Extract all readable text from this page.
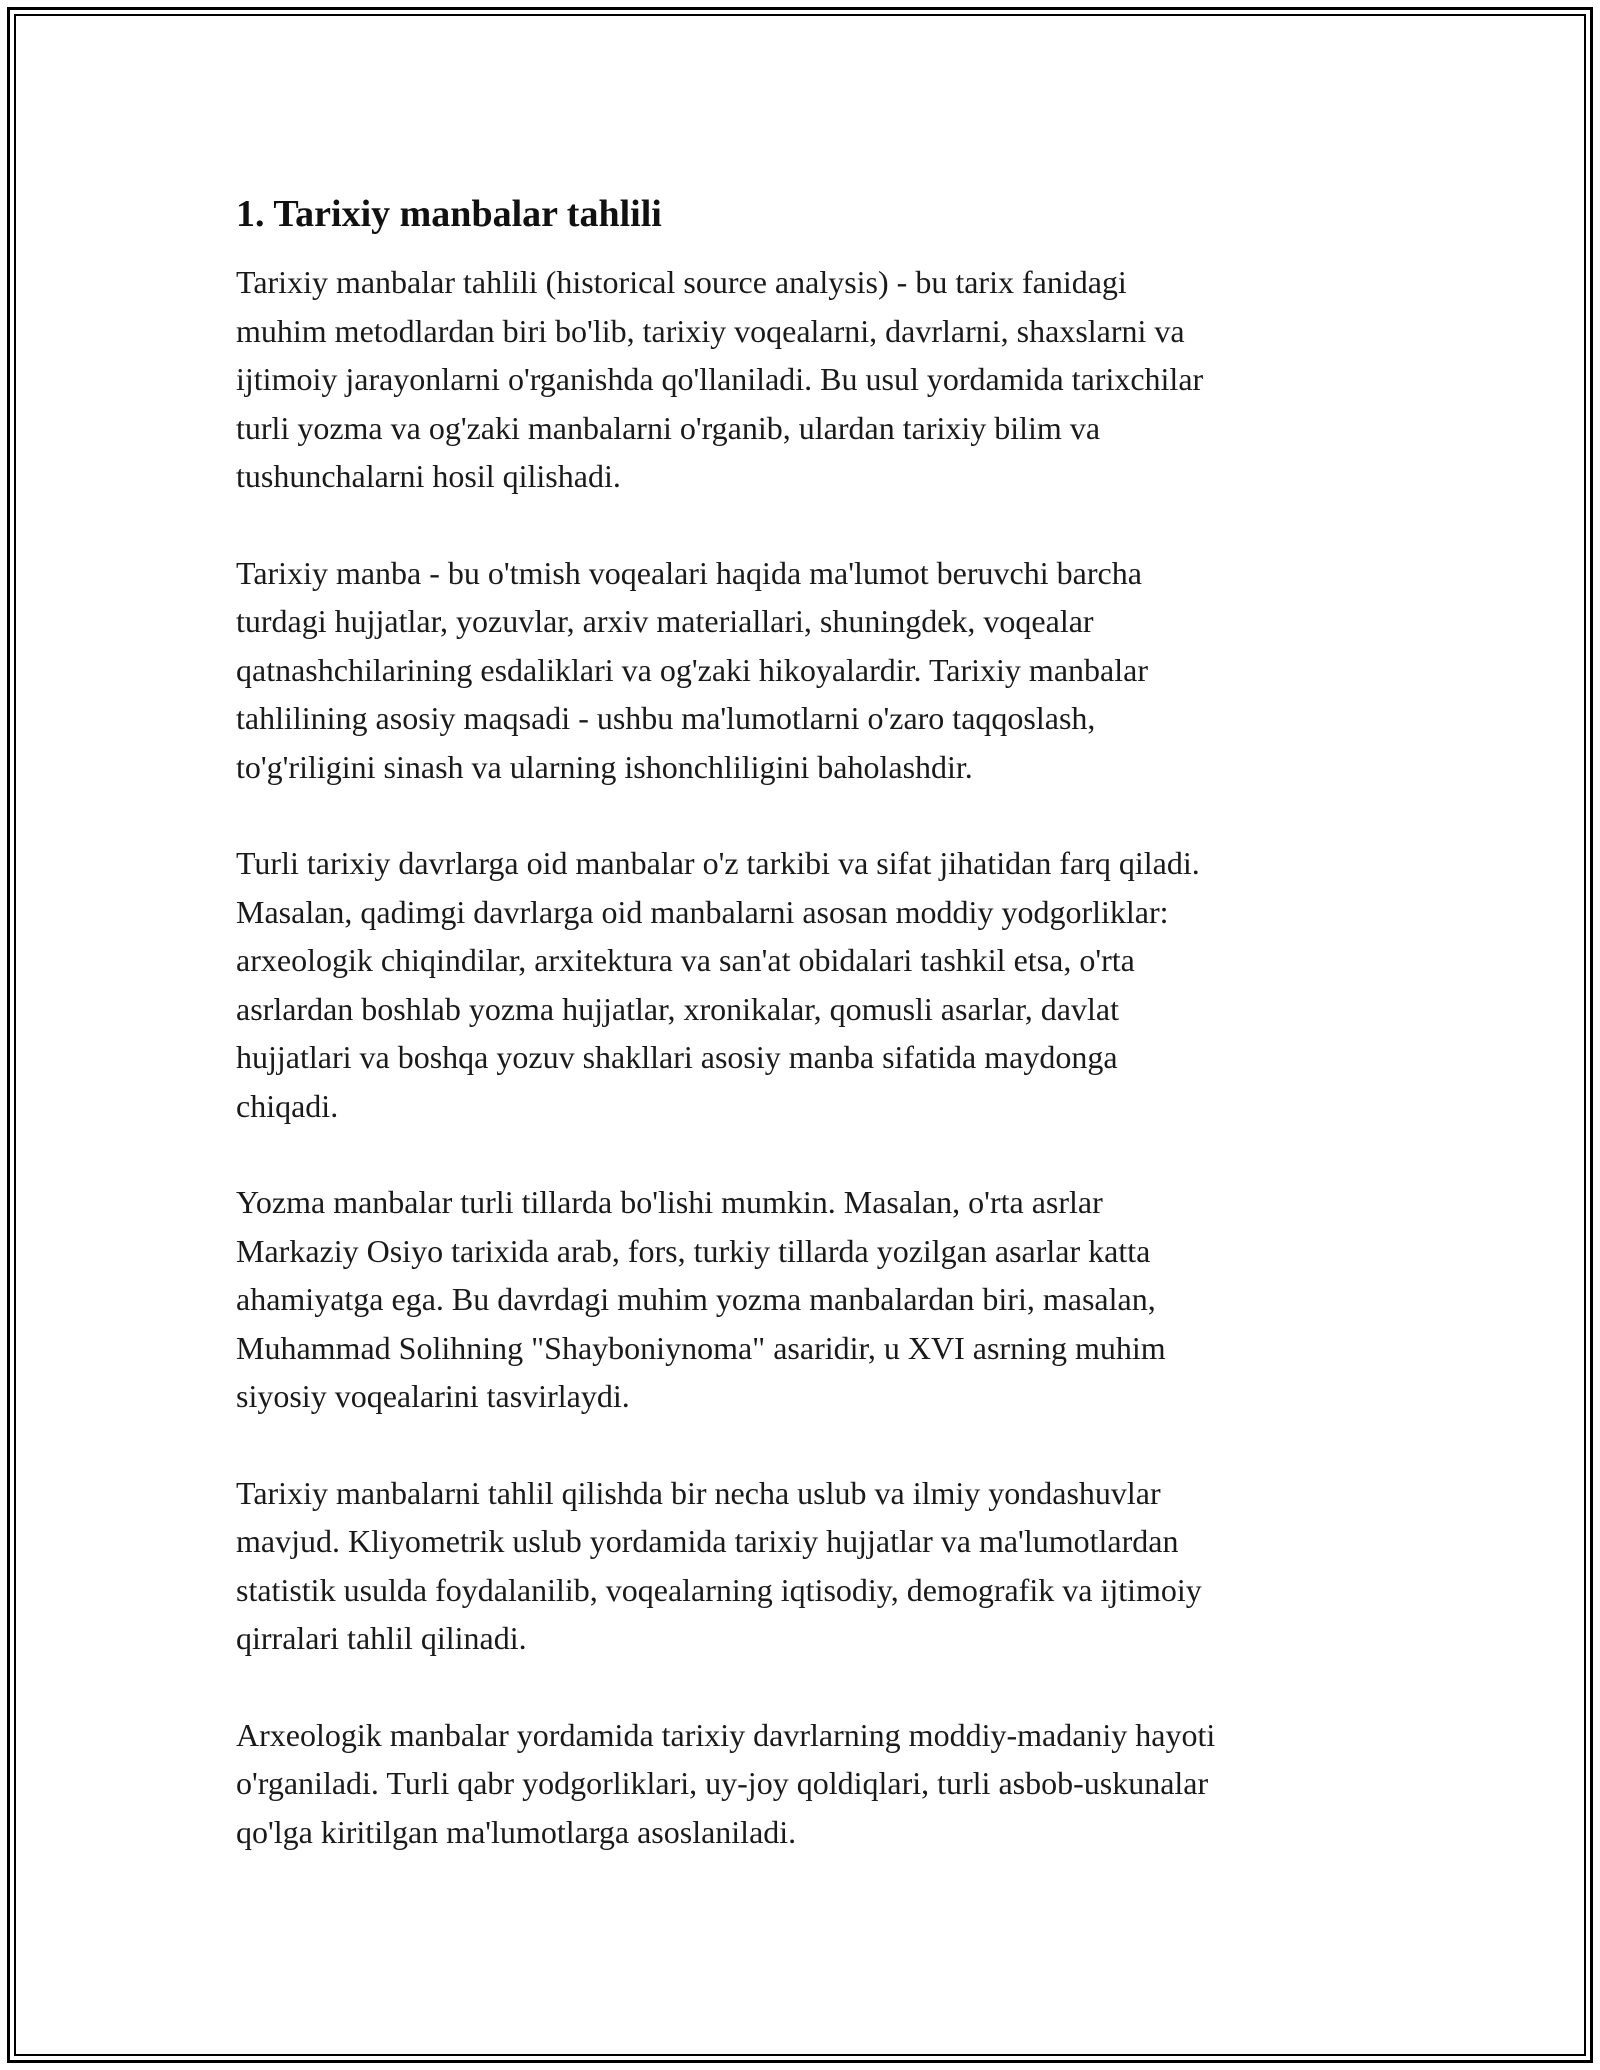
1. Tarixiy manbalar tahlili

Tarixiy manbalar tahlili (historical source analysis) - bu tarix fanidagi
muhim metodlardan biri bo'lib, tarixiy voqealarni, davrlarni, shaxslarni va
ijtimoiy jarayonlarni o'rganishda qo'llaniladi. Bu usul yordamida tarixchilar
turli yozma va og'zaki manbalarni o'rganib, ulardan tarixiy bilim va
tushunchalarni hosil qilishadi.

Tarixiy manba - bu o'tmish voqealari haqida ma'lumot beruvchi barcha
turdagi hujjatlar, yozuvlar, arxiv materiallari, shuningdek, voqealar
qatnashchilarining esdaliklari va og'zaki hikoyalardir. Tarixiy manbalar
tahlilining asosiy maqsadi - ushbu ma'lumotlarni o'zaro taqqoslash,
to'g'riligini sinash va ularning ishonchliligini baholashdir.

Turli tarixiy davrlarga oid manbalar o'z tarkibi va sifat jihatidan farq qiladi.
Masalan, qadimgi davrlarga oid manbalarni asosan moddiy yodgorliklar:
arxeologik chiqindilar, arxitektura va san'at obidalari tashkil etsa, o'rta
asrlardan boshlab yozma hujjatlar, xronikalar, qomusli asarlar, davlat
hujjatlari va boshqa yozuv shakllari asosiy manba sifatida maydonga
chiqadi.

Yozma manbalar turli tillarda bo'lishi mumkin. Masalan, o'rta asrlar
Markaziy Osiyo tarixida arab, fors, turkiy tillarda yozilgan asarlar katta
ahamiyatga ega. Bu davrdagi muhim yozma manbalardan biri, masalan,
Muhammad Solihning "Shayboniynoma" asaridir, u XVI asrning muhim
siyosiy voqealarini tasvirlaydi.

Tarixiy manbalarni tahlil qilishda bir necha uslub va ilmiy yondashuvlar
mavjud. Kliyometrik uslub yordamida tarixiy hujjatlar va ma'lumotlardan
statistik usulda foydalanilib, voqealarning iqtisodiy, demografik va ijtimoiy
qirralari tahlil qilinadi.

Arxeologik manbalar yordamida tarixiy davrlarning moddiy-madaniy hayoti
o'rganiladi. Turli qabr yodgorliklari, uy-joy qoldiqlari, turli asbob-uskunalar
qo'lga kiritilgan ma'lumotlarga asoslaniladi.
